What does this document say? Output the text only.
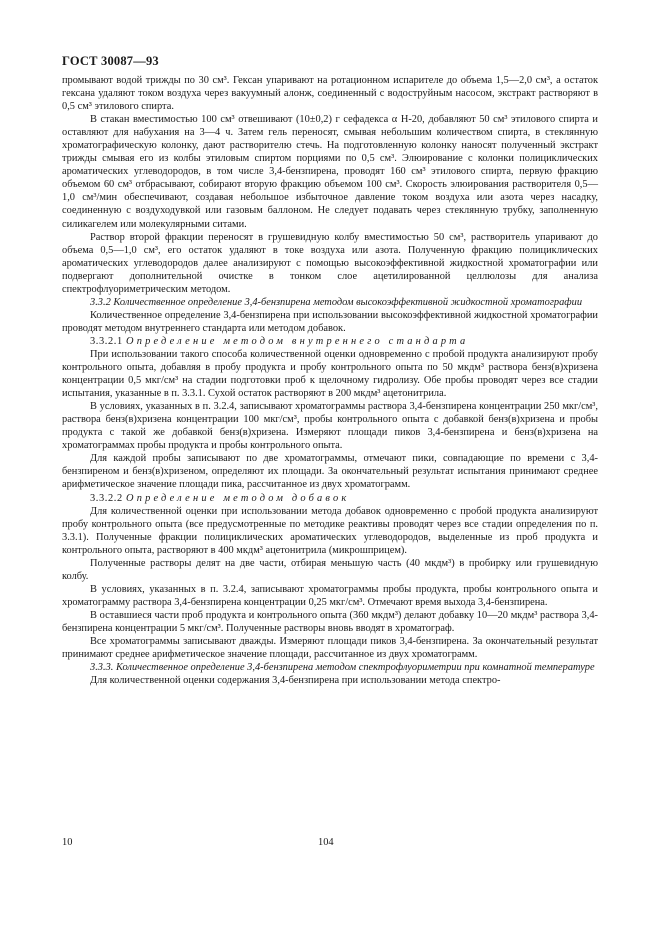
ГОСТ 30087—93

промывают водой трижды по 30 см³. Гексан упаривают на ротационном испарителе до объема 1,5—2,0 см³, а остаток гексана удаляют током воздуха через вакуумный алонж, соединенный с водоструйным насосом, экстракт растворяют в 0,5 см³ этилового спирта.

В стакан вместимостью 100 см³ отвешивают (10±0,2) г сефадекса α Н-20, добавляют 50 см³ этилового спирта и оставляют для набухания на 3—4 ч. Затем гель переносят, смывая небольшим количеством спирта, в стеклянную хроматографическую колонку, дают растворителю стечь. На подготовленную колонку наносят полученный экстракт трижды смывая его из колбы этиловым спиртом порциями по 0,5 см³. Элюирование с колонки полициклических ароматических углеводородов, в том числе 3,4-бензпирена, проводят 160 см³ этилового спирта, первую фракцию объемом 60 см³ отбрасывают, собирают вторую фракцию объемом 100 см³. Скорость элюирования растворителя 0,5—1,0 см³/мин обеспечивают, создавая небольшое избыточное давление током воздуха или азота через насадку, соединенную с воздуходувкой или газовым баллоном. Не следует подавать через стеклянную трубку, заполненную силикагелем или молекулярными ситами.

Раствор второй фракции переносят в грушевидную колбу вместимостью 50 см³, растворитель упаривают до объема 0,5—1,0 см³, его остаток удаляют в токе воздуха или азота. Полученную фракцию полициклических ароматических углеводородов далее анализируют с помощью высокоэффективной жидкостной хроматографии или подвергают дополнительной очистке в тонком слое ацетилированной целлюлозы для анализа спектрофлуориметрическим методом.

3.3.2 Количественное определение 3,4-бензпирена методом высокоэффективной жидкостной хроматографии

Количественное определение 3,4-бензпирена при использовании высокоэффективной жидкостной хроматографии проводят методом внутреннего стандарта или методом добавок.

3.3.2.1 Определение методом внутреннего стандарта

При использовании такого способа количественной оценки одновременно с пробой продукта анализируют пробу контрольного опыта, добавляя в пробу продукта и пробу контрольного опыта по 50 мкдм³ раствора бенз(в)хризена концентрации 0,5 мкг/см³ на стадии подготовки проб к щелочному гидролизу. Обе пробы проводят через все стадии испытания, указанные в п. 3.3.1. Сухой остаток растворяют в 200 мкдм³ ацетонитрила.

В условиях, указанных в п. 3.2.4, записывают хроматограммы раствора 3,4-бензпирена концентрации 250 мкг/см³, раствора бенз(в)хризена концентрации 100 мкг/см³, пробы контрольного опыта с добавкой бенз(в)хризена и пробы продукта с такой же добавкой бенз(в)хризена. Измеряют площади пиков 3,4-бензпирена и бенз(в)хризена на хроматограммах пробы продукта и пробы контрольного опыта.

Для каждой пробы записывают по две хроматограммы, отмечают пики, совпадающие по времени с 3,4-бензпиреном и бенз(в)хризеном, определяют их площади. За окончательный результат испытания принимают среднее арифметическое значение площади пика, рассчитанное из двух хроматограмм.

3.3.2.2 Определение методом добавок

Для количественной оценки при использовании метода добавок одновременно с пробой продукта анализируют пробу контрольного опыта (все предусмотренные по методике реактивы проводят через все стадии определения по п. 3.3.1). Полученные фракции полициклических ароматических углеводородов, выделенные из проб продукта и контрольного опыта, растворяют в 400 мкдм³ ацетонитрила (микрошприцем).

Полученные растворы делят на две части, отбирая меньшую часть (40 мкдм³) в пробирку или грушевидную колбу.

В условиях, указанных в п. 3.2.4, записывают хроматограммы пробы продукта, пробы контрольного опыта и хроматограмму раствора 3,4-бензпирена концентрации 0,25 мкг/см³. Отмечают время выхода 3,4-бензпирена.

В оставшиеся части проб продукта и контрольного опыта (360 мкдм³) делают добавку 10—20 мкдм³ раствора 3,4-бензпирена концентрации 5 мкг/см³. Полученные растворы вновь вводят в хроматограф.

Все хроматограммы записывают дважды. Измеряют площади пиков 3,4-бензпирена. За окончательный результат принимают среднее арифметическое значение площади, рассчитанное из двух хроматограмм.

3.3.3. Количественное определение 3,4-бензпирена методом спектрофлуориметрии при комнатной температуре

Для количественной оценки содержания 3,4-бензпирена при использовании метода спектро-

10	104
